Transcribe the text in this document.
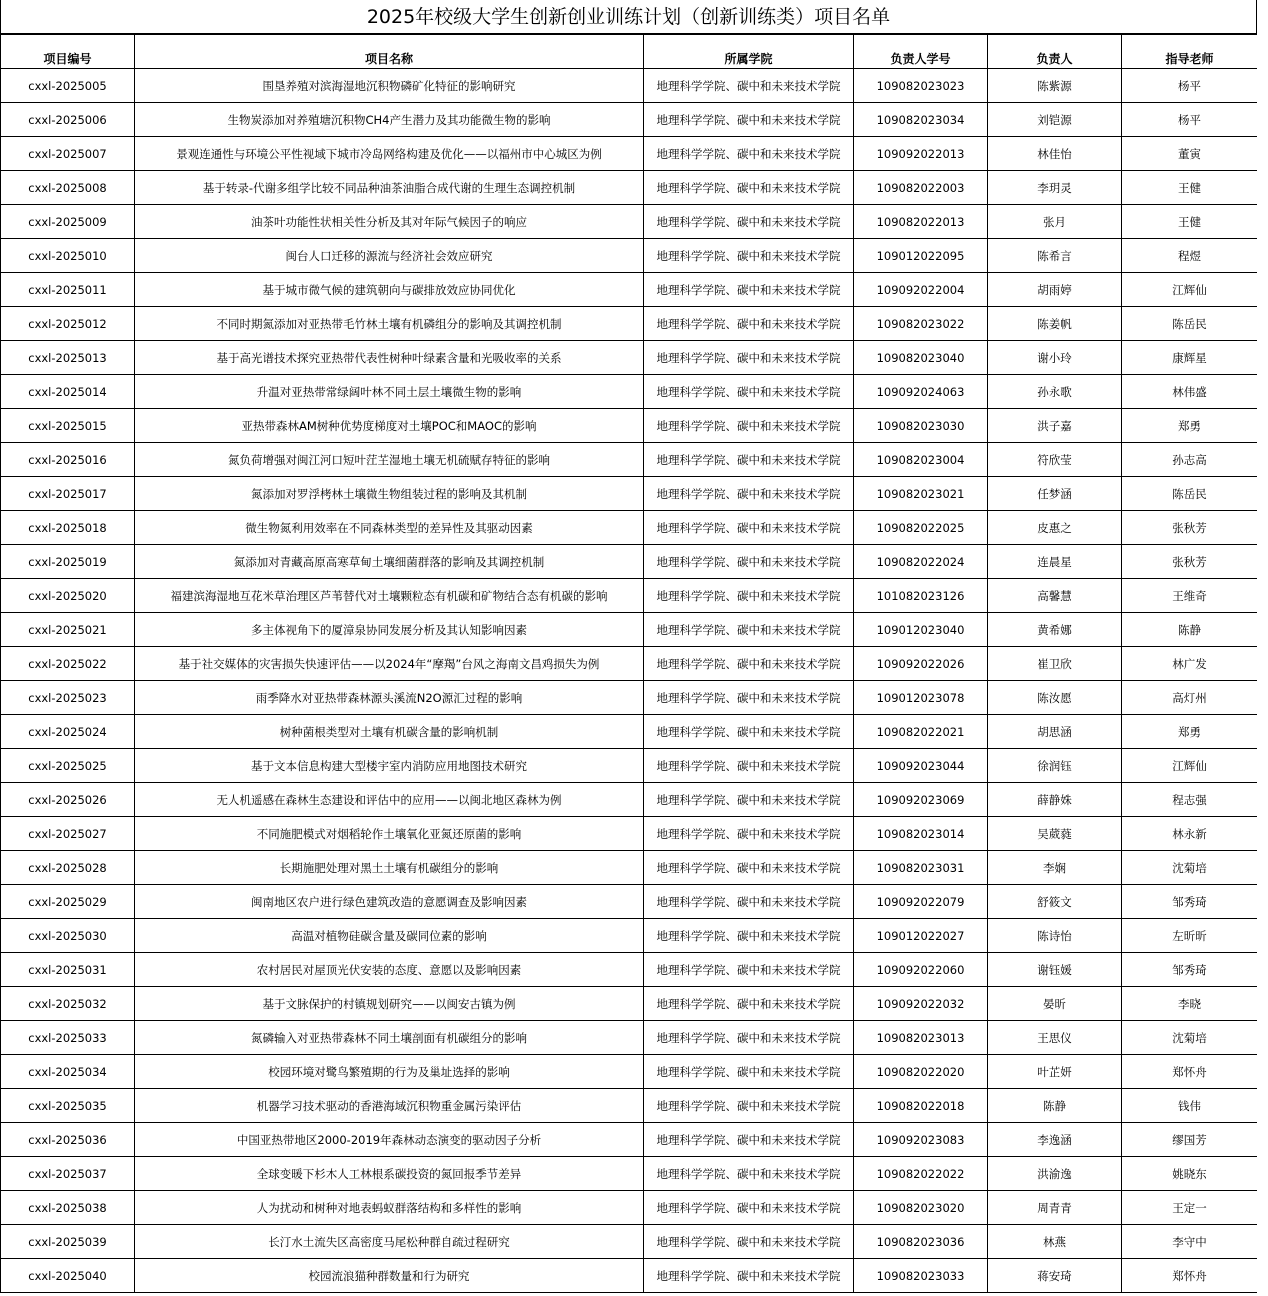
2025年校级大学生创新创业训练计划（创新训练类）项目名单
项目编号	项目名称	所属学院	负责人学号	负责人	指导老师
cxxl-2025005	围垦养殖对滨海湿地沉积物磷矿化特征的影响研究	地理科学学院、碳中和未来技术学院	109082023023	陈紫源	杨平
cxxl-2025006	生物炭添加对养殖塘沉积物CH4产生潜力及其功能微生物的影响	地理科学学院、碳中和未来技术学院	109082023034	刘铠源	杨平
cxxl-2025007	景观连通性与环境公平性视域下城市冷岛网络构建及优化——以福州市中心城区为例	地理科学学院、碳中和未来技术学院	109092022013	林佳怡	董寅
cxxl-2025008	基于转录-代谢多组学比较不同品种油茶油脂合成代谢的生理生态调控机制	地理科学学院、碳中和未来技术学院	109082022003	李玥灵	王健
cxxl-2025009	油茶叶功能性状相关性分析及其对年际气候因子的响应	地理科学学院、碳中和未来技术学院	109082022013	张月	王健
cxxl-2025010	闽台人口迁移的源流与经济社会效应研究	地理科学学院、碳中和未来技术学院	109012022095	陈希言	程煜
cxxl-2025011	基于城市微气候的建筑朝向与碳排放效应协同优化	地理科学学院、碳中和未来技术学院	109092022004	胡雨婷	江辉仙
cxxl-2025012	不同时期氮添加对亚热带毛竹林土壤有机磷组分的影响及其调控机制	地理科学学院、碳中和未来技术学院	109082023022	陈姜帆	陈岳民
cxxl-2025013	基于高光谱技术探究亚热带代表性树种叶绿素含量和光吸收率的关系	地理科学学院、碳中和未来技术学院	109082023040	谢小玲	康辉星
cxxl-2025014	升温对亚热带常绿阔叶林不同土层土壤微生物的影响	地理科学学院、碳中和未来技术学院	109092024063	孙永歌	林伟盛
cxxl-2025015	亚热带森林AM树种优势度梯度对土壤POC和MAOC的影响	地理科学学院、碳中和未来技术学院	109082023030	洪子嘉	郑勇
cxxl-2025016	氮负荷增强对闽江河口短叶茳芏湿地土壤无机硫赋存特征的影响	地理科学学院、碳中和未来技术学院	109082023004	符欣莹	孙志高
cxxl-2025017	氮添加对罗浮栲林土壤微生物组装过程的影响及其机制	地理科学学院、碳中和未来技术学院	109082023021	任梦涵	陈岳民
cxxl-2025018	微生物氮利用效率在不同森林类型的差异性及其驱动因素	地理科学学院、碳中和未来技术学院	109082022025	皮惠之	张秋芳
cxxl-2025019	氮添加对青藏高原高寒草甸土壤细菌群落的影响及其调控机制	地理科学学院、碳中和未来技术学院	109082022024	连晨星	张秋芳
cxxl-2025020	福建滨海湿地互花米草治理区芦苇替代对土壤颗粒态有机碳和矿物结合态有机碳的影响	地理科学学院、碳中和未来技术学院	101082023126	高馨慧	王维奇
cxxl-2025021	多主体视角下的厦漳泉协同发展分析及其认知影响因素	地理科学学院、碳中和未来技术学院	109012023040	黄希娜	陈静
cxxl-2025022	基于社交媒体的灾害损失快速评估——以2024年“摩羯”台风之海南文昌鸡损失为例	地理科学学院、碳中和未来技术学院	109092022026	崔卫欣	林广发
cxxl-2025023	雨季降水对亚热带森林源头溪流N2O源汇过程的影响	地理科学学院、碳中和未来技术学院	109012023078	陈汝愿	高灯州
cxxl-2025024	树种菌根类型对土壤有机碳含量的影响机制	地理科学学院、碳中和未来技术学院	109082022021	胡思涵	郑勇
cxxl-2025025	基于文本信息构建大型楼宇室内消防应用地图技术研究	地理科学学院、碳中和未来技术学院	109092023044	徐润钰	江辉仙
cxxl-2025026	无人机遥感在森林生态建设和评估中的应用——以闽北地区森林为例	地理科学学院、碳中和未来技术学院	109092023069	薛静姝	程志强
cxxl-2025027	不同施肥模式对烟稻轮作土壤氧化亚氮还原菌的影响	地理科学学院、碳中和未来技术学院	109082023014	吴葳蕤	林永新
cxxl-2025028	长期施肥处理对黑土土壤有机碳组分的影响	地理科学学院、碳中和未来技术学院	109082023031	李娴	沈菊培
cxxl-2025029	闽南地区农户进行绿色建筑改造的意愿调查及影响因素	地理科学学院、碳中和未来技术学院	109092022079	舒筱文	邹秀琦
cxxl-2025030	高温对植物硅碳含量及碳同位素的影响	地理科学学院、碳中和未来技术学院	109012022027	陈诗怡	左昕昕
cxxl-2025031	农村居民对屋顶光伏安装的态度、意愿以及影响因素	地理科学学院、碳中和未来技术学院	109092022060	谢钰媛	邹秀琦
cxxl-2025032	基于文脉保护的村镇规划研究——以闽安古镇为例	地理科学学院、碳中和未来技术学院	109092022032	晏昕	李晓
cxxl-2025033	氮磷输入对亚热带森林不同土壤剖面有机碳组分的影响	地理科学学院、碳中和未来技术学院	109082023013	王思仪	沈菊培
cxxl-2025034	校园环境对鹭鸟繁殖期的行为及巢址选择的影响	地理科学学院、碳中和未来技术学院	109082022020	叶芷妍	郑怀舟
cxxl-2025035	机器学习技术驱动的香港海域沉积物重金属污染评估	地理科学学院、碳中和未来技术学院	109082022018	陈静	钱伟
cxxl-2025036	中国亚热带地区2000-2019年森林动态演变的驱动因子分析	地理科学学院、碳中和未来技术学院	109092023083	李逸涵	缪国芳
cxxl-2025037	全球变暖下杉木人工林根系碳投资的氮回报季节差异	地理科学学院、碳中和未来技术学院	109082022022	洪渝逸	姚晓东
cxxl-2025038	人为扰动和树种对地表蚂蚁群落结构和多样性的影响	地理科学学院、碳中和未来技术学院	109082023020	周青青	王定一
cxxl-2025039	长汀水土流失区高密度马尾松种群自疏过程研究	地理科学学院、碳中和未来技术学院	109082023036	林燕	李守中
cxxl-2025040	校园流浪猫种群数量和行为研究	地理科学学院、碳中和未来技术学院	109082023033	蒋安琦	郑怀舟
